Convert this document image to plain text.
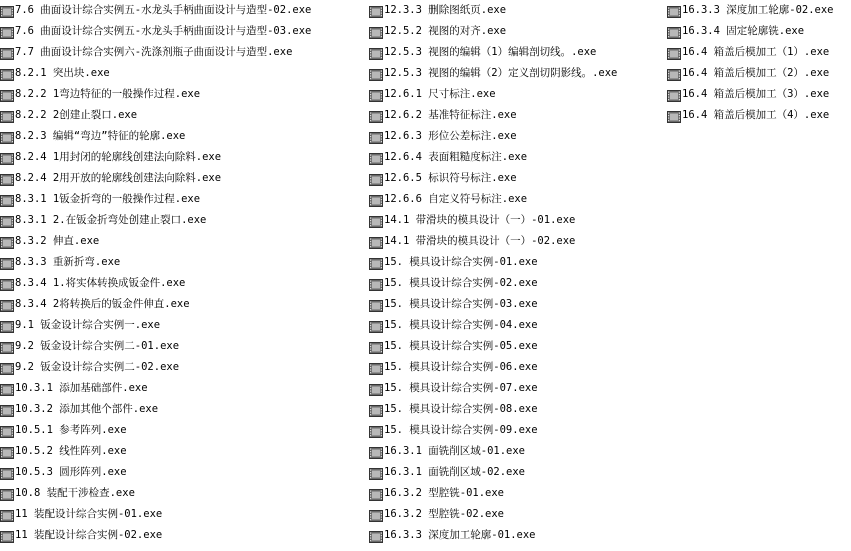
7.6 曲面设计综合实例五-水龙头手柄曲面设计与造型-02.exe
7.6 曲面设计综合实例五-水龙头手柄曲面设计与造型-03.exe
7.7 曲面设计综合实例六-洗涤剂瓶子曲面设计与造型.exe
8.2.1 突出块.exe
8.2.2 1弯边特征的一般操作过程.exe
8.2.2 2创建止裂口.exe
8.2.3 编辑“弯边”特征的轮廓.exe
8.2.4 1用封闭的轮廓线创建法向除料.exe
8.2.4 2用开放的轮廓线创建法向除料.exe
8.3.1 1钣金折弯的一般操作过程.exe
8.3.1 2.在钣金折弯处创建止裂口.exe
8.3.2 伸直.exe
8.3.3 重新折弯.exe
8.3.4 1.将实体转换成钣金件.exe
8.3.4 2将转换后的钣金件伸直.exe
9.1 钣金设计综合实例一.exe
9.2 钣金设计综合实例二-01.exe
9.2 钣金设计综合实例二-02.exe
10.3.1 添加基础部件.exe
10.3.2 添加其他个部件.exe
10.5.1 参考阵列.exe
10.5.2 线性阵列.exe
10.5.3 圆形阵列.exe
10.8 装配干涉检查.exe
11 装配设计综合实例-01.exe
11 装配设计综合实例-02.exe
12.3.3 删除图纸页.exe
12.5.2 视图的对齐.exe
12.5.3 视图的编辑（1）编辑剖切线。.exe
12.5.3 视图的编辑（2）定义剖切阴影线。.exe
12.6.1 尺寸标注.exe
12.6.2 基准特征标注.exe
12.6.3 形位公差标注.exe
12.6.4 表面粗糙度标注.exe
12.6.5 标识符号标注.exe
12.6.6 自定义符号标注.exe
14.1 带滑块的模具设计（一）-01.exe
14.1 带滑块的模具设计（一）-02.exe
15. 模具设计综合实例-01.exe
15. 模具设计综合实例-02.exe
15. 模具设计综合实例-03.exe
15. 模具设计综合实例-04.exe
15. 模具设计综合实例-05.exe
15. 模具设计综合实例-06.exe
15. 模具设计综合实例-07.exe
15. 模具设计综合实例-08.exe
15. 模具设计综合实例-09.exe
16.3.1 面铣削区域-01.exe
16.3.1 面铣削区域-02.exe
16.3.2 型腔铣-01.exe
16.3.2 型腔铣-02.exe
16.3.3 深度加工轮廓-01.exe
16.3.3 深度加工轮廓-02.exe
16.3.4 固定轮廓铣.exe
16.4 箱盖后模加工（1）.exe
16.4 箱盖后模加工（2）.exe
16.4 箱盖后模加工（3）.exe
16.4 箱盖后模加工（4）.exe
